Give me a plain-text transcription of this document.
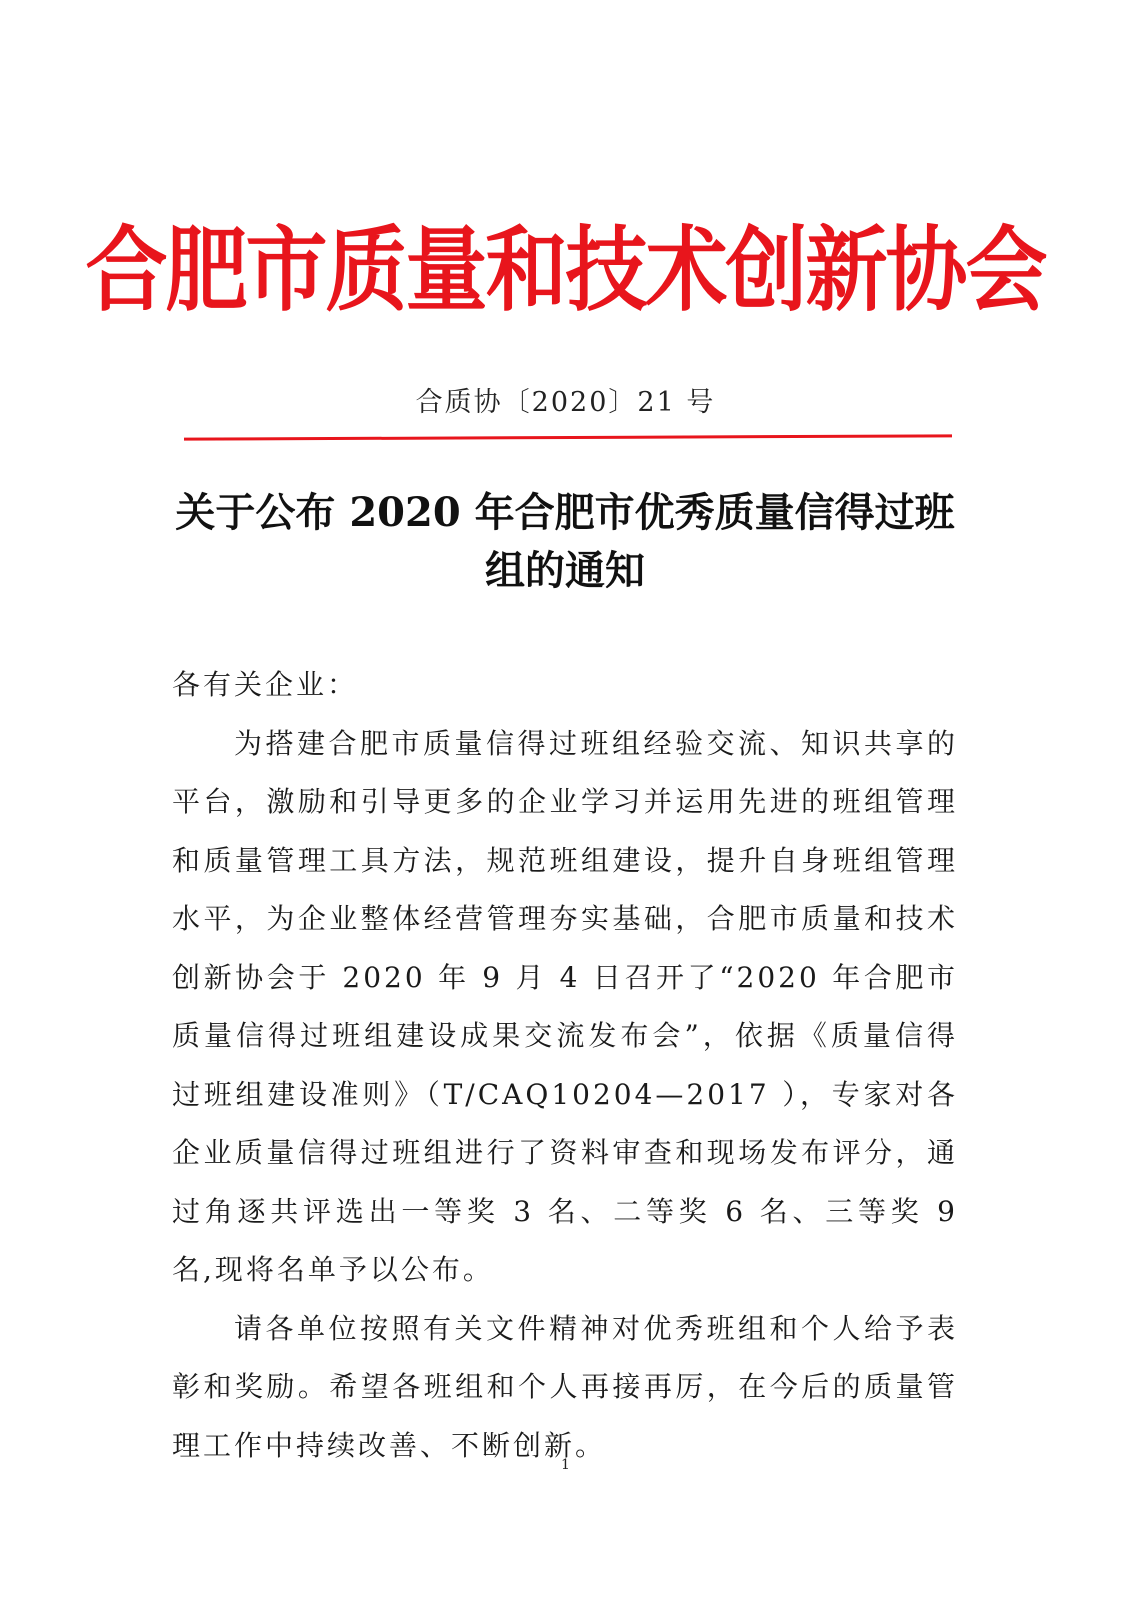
合肥市质量和技术创新协会
合质协〔2020〕21 号
关于公布 2020 年合肥市优秀质量信得过班组的通知

各有关企业：

为搭建合肥市质量信得过班组经验交流、知识共享的平台，激励和引导更多的企业学习并运用先进的班组管理和质量管理工具方法，规范班组建设，提升自身班组管理水平，为企业整体经营管理夯实基础，合肥市质量和技术创新协会于 2020 年 9 月 4 日召开了“2020 年合肥市质量信得过班组建设成果交流发布会”，依据《质量信得过班组建设准则》（T/CAQ10204—2017 ），专家对各企业质量信得过班组进行了资料审查和现场发布评分，通过角逐共评选出一等奖 3 名、二等奖 6 名、三等奖 9 名,现将名单予以公布。

请各单位按照有关文件精神对优秀班组和个人给予表彰和奖励。希望各班组和个人再接再厉，在今后的质量管理工作中持续改善、不断创新。

1
